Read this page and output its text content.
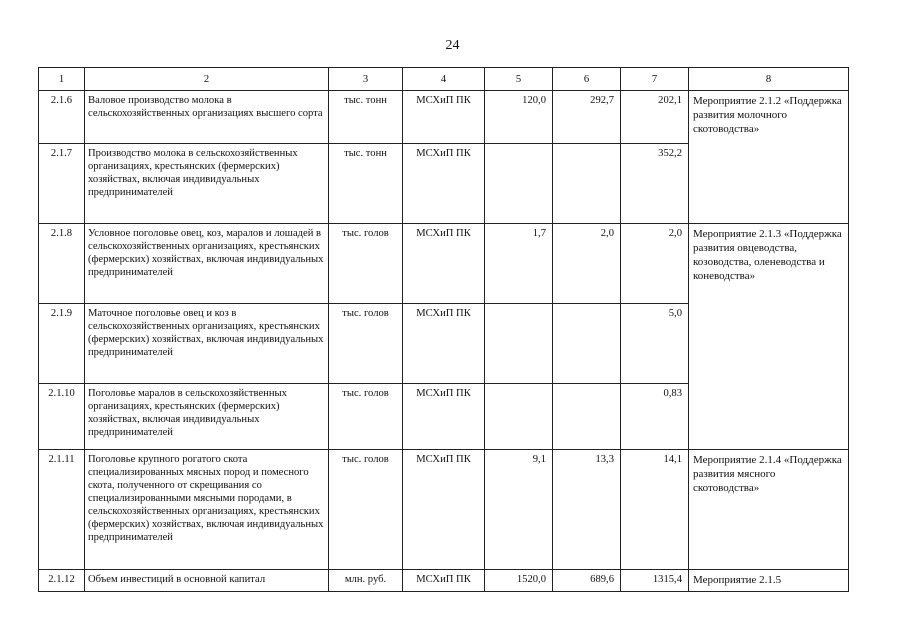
24
1	2	3	4	5	6	7	8
2.1.6	Валовое производство молока в сельскохозяйственных организациях высшего сорта	тыс. тонн	МСХиП ПК	120,0	292,7	202,1	Мероприятие 2.1.2 «Поддержка развития молочного скотоводства»
2.1.7	Производство молока в сельскохозяйственных организациях, крестьянских (фермерских) хозяйствах, включая индивидуальных предпринимателей	тыс. тонн	МСХиП ПК			352,2	
2.1.8	Условное поголовье овец, коз, маралов и лошадей в сельскохозяйственных организациях, крестьянских (фермерских) хозяйствах, включая индивидуальных предпринимателей	тыс. голов	МСХиП ПК	1,7	2,0	2,0	Мероприятие 2.1.3 «Поддержка развития овцеводства, козоводства, оленеводства и коневодства»
2.1.9	Маточное поголовье овец и коз в сельскохозяйственных организациях, крестьянских (фермерских) хозяйствах, включая индивидуальных предпринимателей	тыс. голов	МСХиП ПК			5,0	
2.1.10	Поголовье маралов в сельскохозяйственных организациях, крестьянских (фермерских) хозяйствах, включая индивидуальных предпринимателей	тыс. голов	МСХиП ПК			0,83	
2.1.11	Поголовье крупного рогатого скота специализированных мясных пород и помесного скота, полученного от скрещивания со специализированными мясными породами, в сельскохозяйственных организациях, крестьянских (фермерских) хозяйствах, включая индивидуальных предпринимателей	тыс. голов	МСХиП ПК	9,1	13,3	14,1	Мероприятие 2.1.4 «Поддержка развития мясного скотоводства»
2.1.12	Объем инвестиций в основной капитал	млн. руб.	МСХиП ПК	1520,0	689,6	1315,4	Мероприятие 2.1.5
